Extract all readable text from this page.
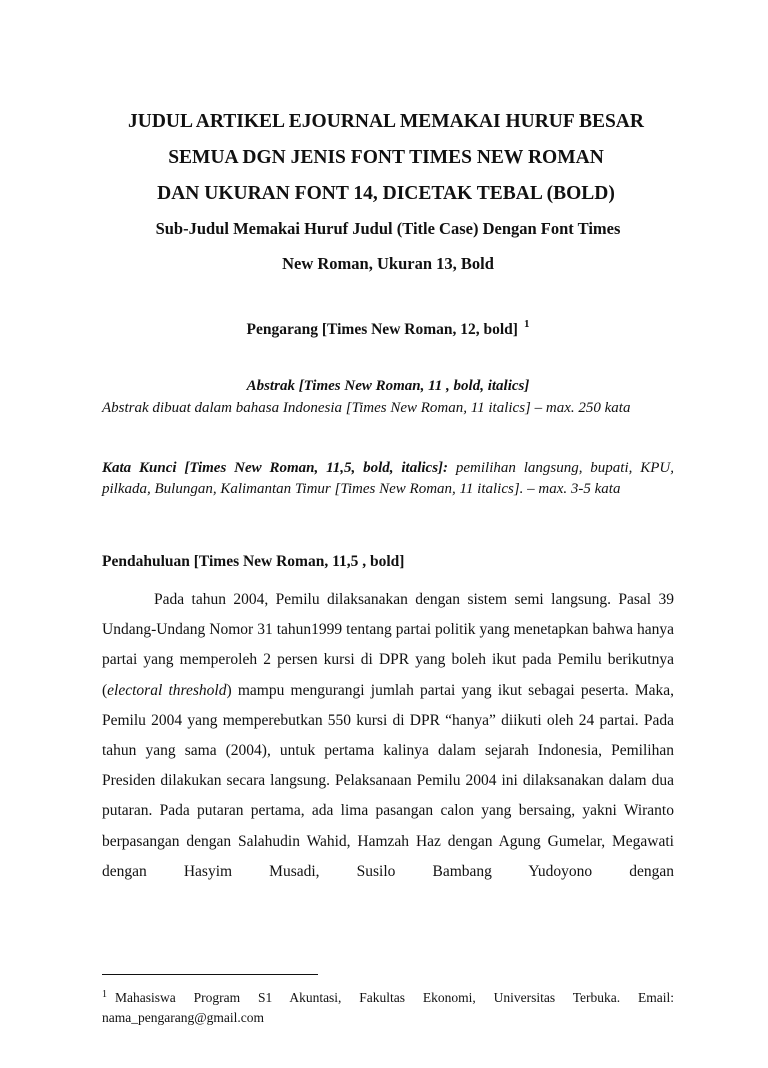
JUDUL ARTIKEL EJOURNAL MEMAKAI HURUF BESAR
SEMUA DGN JENIS FONT TIMES NEW ROMAN
DAN UKURAN FONT 14, DICETAK TEBAL (BOLD)
Sub-Judul Memakai Huruf Judul (Title Case) Dengan Font Times
New Roman, Ukuran 13, Bold
Pengarang [Times New Roman, 12, bold] $^1$
Abstrak [Times New Roman, 11 , bold, italics]
Abstrak dibuat dalam bahasa Indonesia [Times New Roman, 11 italics] – max. 250 kata
Kata Kunci [Times New Roman, 11,5, bold, italics]: pemilihan langsung, bupati, KPU, pilkada, Bulungan, Kalimantan Timur [Times New Roman, 11 italics]. – max. 3-5 kata
Pendahuluan [Times New Roman, 11,5 , bold]

Pada tahun 2004, Pemilu dilaksanakan dengan sistem semi langsung. Pasal 39 Undang-Undang Nomor 31 tahun1999 tentang partai politik yang menetapkan bahwa hanya partai yang memperoleh 2 persen kursi di DPR yang boleh ikut pada Pemilu berikutnya (electoral threshold) mampu mengurangi jumlah partai yang ikut sebagai peserta. Maka, Pemilu 2004 yang memperebutkan 550 kursi di DPR “hanya” diikuti oleh 24 partai. Pada tahun yang sama (2004), untuk pertama kalinya dalam sejarah Indonesia, Pemilihan Presiden dilakukan secara langsung. Pelaksanaan Pemilu 2004 ini dilaksanakan dalam dua putaran. Pada putaran pertama, ada lima pasangan calon yang bersaing, yakni Wiranto berpasangan dengan Salahudin Wahid, Hamzah Haz dengan Agung Gumelar, Megawati dengan Hasyim Musadi, Susilo Bambang Yudoyono dengan

$^1$ Mahasiswa Program S1 Akuntasi, Fakultas Ekonomi, Universitas Terbuka. Email: nama_pengarang@gmail.com
